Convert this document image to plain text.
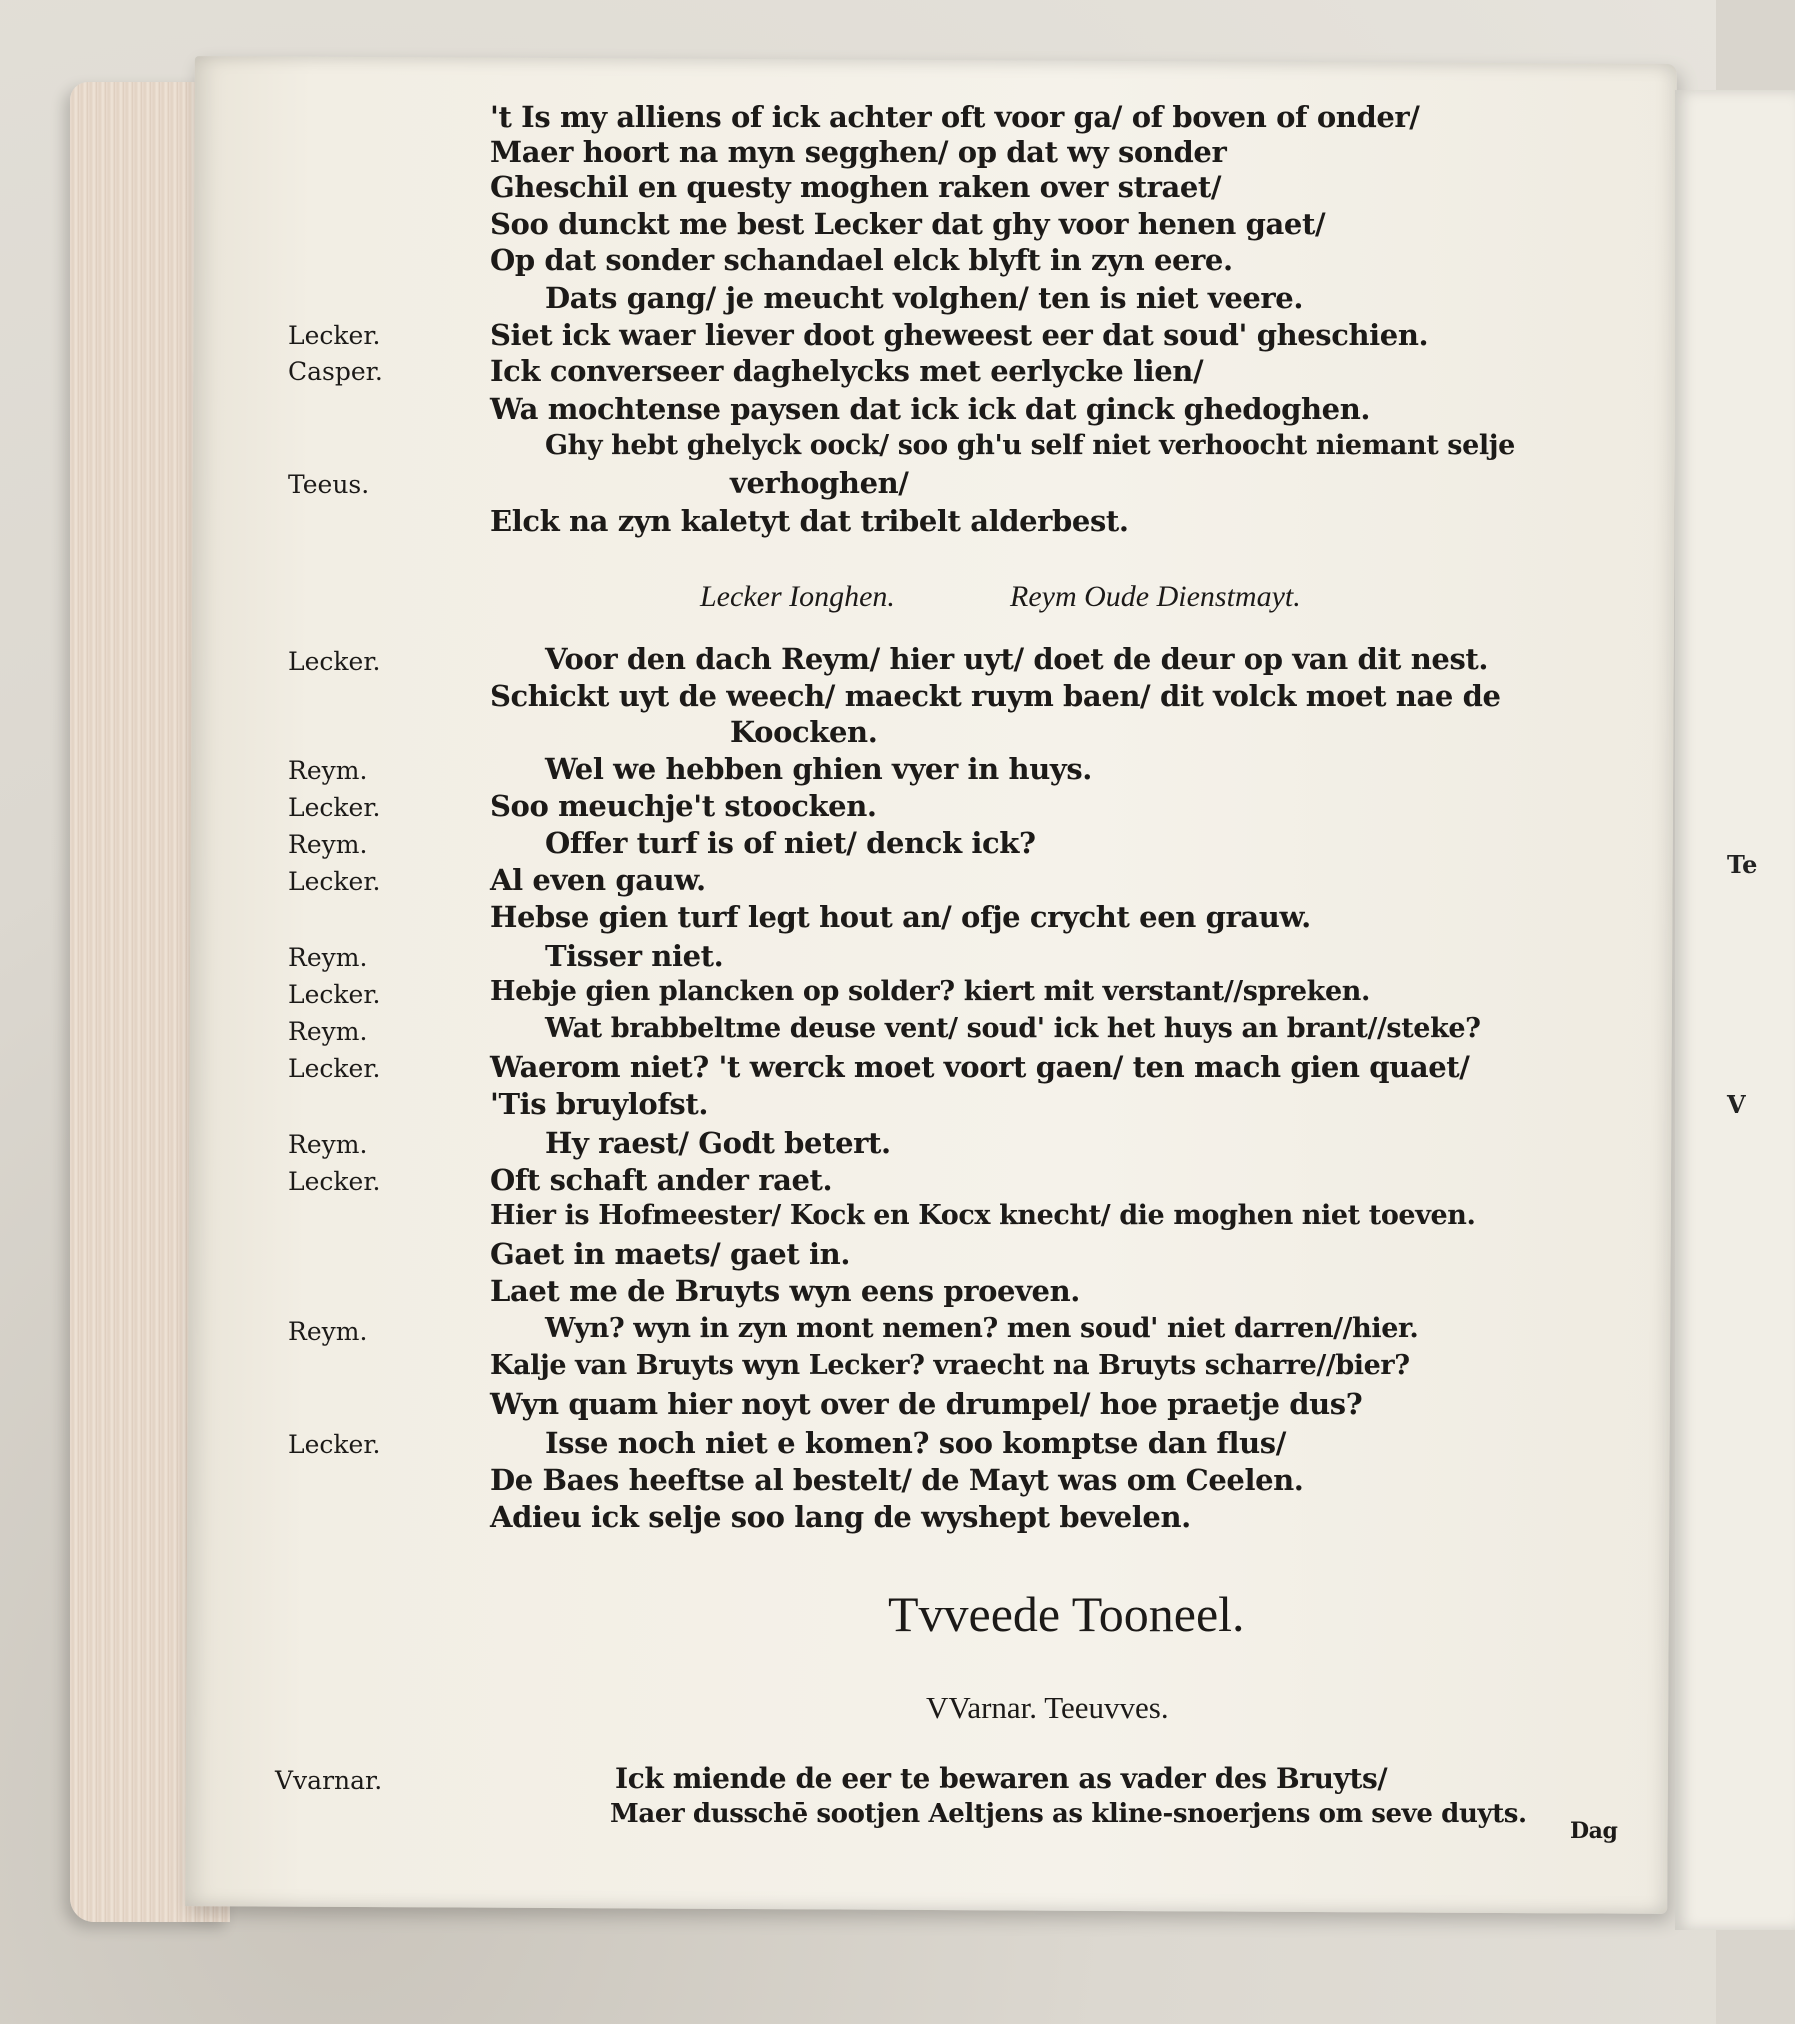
Te
V
't Is my alliens of ick achter oft voor ga/ of boven of onder/
Maer hoort na myn segghen/ op dat wy sonder
Gheschil en questy moghen raken over straet/
Soo dunckt me best Lecker dat ghy voor henen gaet/
Op dat sonder schandael elck blyft in zyn eere.
Dats gang/ je meucht volghen/ ten is niet veere.
Lecker.	Siet ick waer liever doot gheweest eer dat soud' gheschien.
Casper.	Ick converseer daghelycks met eerlycke lien/
Wa mochtense paysen dat ick ick dat ginck ghedoghen.
Ghy hebt ghelyck oock/ soo gh'u self niet verhoocht niemant selje
Teeus.	verhoghen/
Elck na zyn kaletyt dat tribelt alderbest.
Lecker Ionghen.	Reym Oude Dienstmayt.
Lecker.	Voor den dach Reym/ hier uyt/ doet de deur op van dit nest.
Schickt uyt de weech/ maeckt ruym baen/ dit volck moet nae de
Koocken.
Reym.	Wel we hebben ghien vyer in huys.
Lecker.	Soo meuchje't stoocken.
Reym.	Offer turf is of niet/ denck ick?
Lecker.	Al even gauw.
Hebse gien turf legt hout an/ ofje crycht een grauw.
Reym.	Tisser niet.
Lecker.	Hebje gien plancken op solder? kiert mit verstant//spreken.
Reym.	Wat brabbeltme deuse vent/ soud' ick het huys an brant//steke?
Lecker.	Waerom niet? 't werck moet voort gaen/ ten mach gien quaet/
'Tis bruylofst.
Reym.	Hy raest/ Godt betert.
Lecker.	Oft schaft ander raet.
Hier is Hofmeester/ Kock en Kocx knecht/ die moghen niet toeven.
Gaet in maets/ gaet in.
Laet me de Bruyts wyn eens proeven.
Reym.	Wyn? wyn in zyn mont nemen? men soud' niet darren//hier.
Kalje van Bruyts wyn Lecker? vraecht na Bruyts scharre//bier?
Wyn quam hier noyt over de drumpel/ hoe praetje dus?
Lecker.	Isse noch niet e komen? soo komptse dan flus/
De Baes heeftse al bestelt/ de Mayt was om Ceelen.
Adieu ick selje soo lang de wyshept bevelen.
Tvveede Tooneel.
VVarnar. Teeuvves.
Vvarnar.	Ick miende de eer te bewaren as vader des Bruyts/
Maer dusschē sootjen Aeltjens as kline-snoerjens om seve duyts.
Dag
